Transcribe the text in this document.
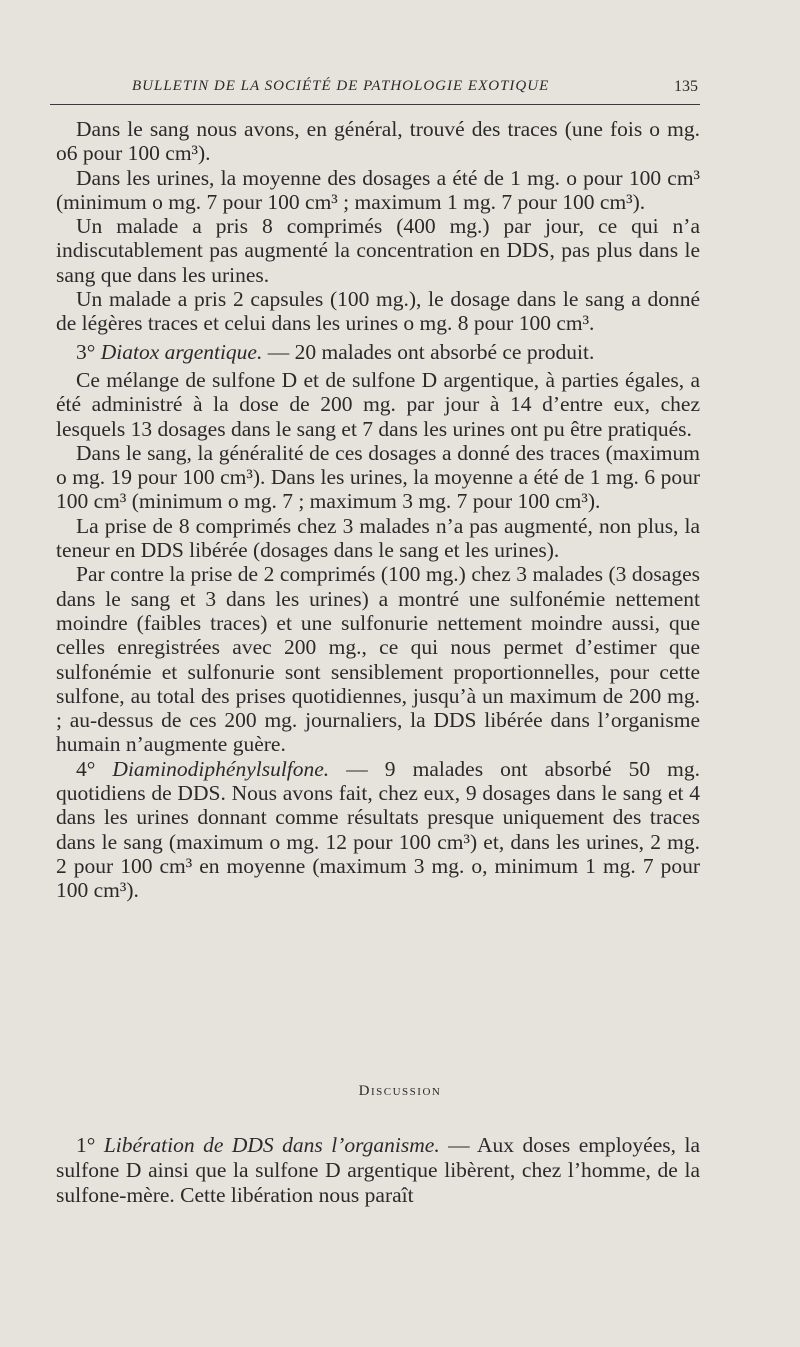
BULLETIN DE LA SOCIÉTÉ DE PATHOLOGIE EXOTIQUE	135

Dans le sang nous avons, en général, trouvé des traces (une fois o mg. o6 pour 100 cm³).

Dans les urines, la moyenne des dosages a été de 1 mg. o pour 100 cm³ (minimum o mg. 7 pour 100 cm³ ; maximum 1 mg. 7 pour 100 cm³).

Un malade a pris 8 comprimés (400 mg.) par jour, ce qui n’a indiscutablement pas augmenté la concentration en DDS, pas plus dans le sang que dans les urines.

Un malade a pris 2 capsules (100 mg.), le dosage dans le sang a donné de légères traces et celui dans les urines o mg. 8 pour 100 cm³.

3° Diatox argentique. — 20 malades ont absorbé ce produit.

Ce mélange de sulfone D et de sulfone D argentique, à parties égales, a été administré à la dose de 200 mg. par jour à 14 d’entre eux, chez lesquels 13 dosages dans le sang et 7 dans les urines ont pu être pratiqués.

Dans le sang, la généralité de ces dosages a donné des traces (maximum o mg. 19 pour 100 cm³). Dans les urines, la moyenne a été de 1 mg. 6 pour 100 cm³ (minimum o mg. 7 ; maximum 3 mg. 7 pour 100 cm³).

La prise de 8 comprimés chez 3 malades n’a pas augmenté, non plus, la teneur en DDS libérée (dosages dans le sang et les urines).

Par contre la prise de 2 comprimés (100 mg.) chez 3 malades (3 dosages dans le sang et 3 dans les urines) a montré une sulfonémie nettement moindre (faibles traces) et une sulfonurie nettement moindre aussi, que celles enregistrées avec 200 mg., ce qui nous permet d’estimer que sulfonémie et sulfonurie sont sensiblement proportionnelles, pour cette sulfone, au total des prises quotidiennes, jusqu’à un maximum de 200 mg. ; au-dessus de ces 200 mg. journaliers, la DDS libérée dans l’organisme humain n’augmente guère.

4° Diaminodiphénylsulfone. — 9 malades ont absorbé 50 mg. quotidiens de DDS. Nous avons fait, chez eux, 9 dosages dans le sang et 4 dans les urines donnant comme résultats presque uniquement des traces dans le sang (maximum o mg. 12 pour 100 cm³) et, dans les urines, 2 mg. 2 pour 100 cm³ en moyenne (maximum 3 mg. o, minimum 1 mg. 7 pour 100 cm³).

Discussion

1° Libération de DDS dans l’organisme. — Aux doses employées, la sulfone D ainsi que la sulfone D argentique libèrent, chez l’homme, de la sulfone-mère. Cette libération nous paraît
